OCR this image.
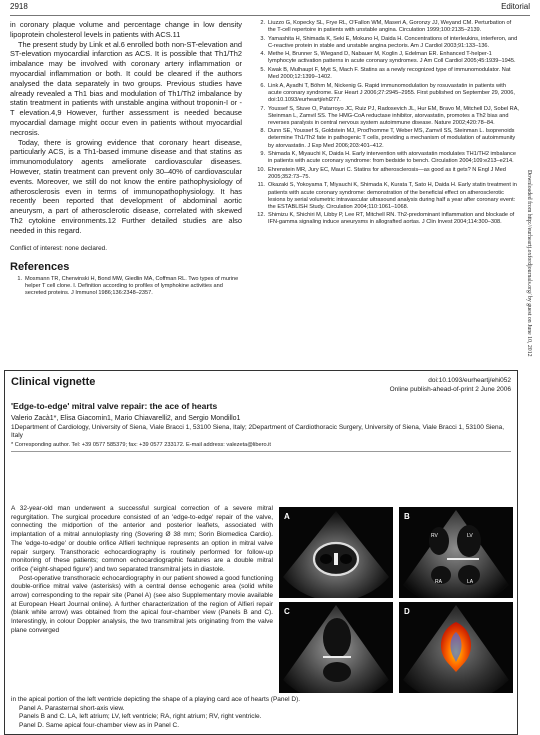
2918	Editorial

in coronary plaque volume and percentage change in low density lipoprotein cholesterol levels in patients with ACS.11

The present study by Link et al.6 enrolled both non-ST-elevation and ST-elevation myocardial infarction as ACS. It is possible that Th1/Th2 imbalance may be involved with coronary artery inflammation or myocardial inflammation or both. It could be cleared if the authors analysed the data separately in two groups. Previous studies have already revealed a Th1 bias and modulation of Th1/Th2 imbalance by statin treatment in patients with unstable angina without troponin-I or -T elevation.4,9 However, further assessment is needed because myocardial damage might occur even in patients without myocardial necrosis.

Today, there is growing evidence that coronary heart disease, particularly ACS, is a Th1-based immune disease and that statins as immunomodulatory agents ameliorate cardiovascular diseases. However, statin treatment can prevent only 30–40% of cardiovascular events. Moreover, we still do not know the entire pathophysiology of atherosclerosis even in terms of immunopathophysiology. It has recently been reported that development of abdominal aortic aneurysm, a part of atherosclerotic disease, correlated with skewed Th2 cytokine environments.12 Further detailed studies are also needed in this regard.

Conflict of interest: none declared.

References
1. Mosmann TR, Cherwinski H, Bond MW, Giedlin MA, Coffman RL. Two types of murine helper T cell clone. I. Definition according to profiles of lymphokine activities and secreted proteins. J Immunol 1986;136:2348–2357.
2. Liuzzo G, Kopecky SL, Frye RL, O'Fallon WM, Maseri A, Goronzy JJ, Weyand CM. Perturbation of the T-cell repertoire in patients with unstable angina. Circulation 1999;100:2135–2139.
3. Yamashita H, Shimada K, Seki E, Mokuno H, Daida H. Concentrations of interleukins, interferon, and C-reactive protein in stable and unstable angina pectoris. Am J Cardiol 2003;91:133–136.
4. Methe H, Brunner S, Wiegand D, Nabauer M, Koglin J, Edelman ER. Enhanced T-helper-1 lymphocyte activation patterns in acute coronary syndromes. J Am Coll Cardiol 2005;45:1939–1945.
5. Kwak B, Mulhaupt F, Myit S, Mach F. Statins as a newly recognized type of immunomodulator. Nat Med 2000;12:1399–1402.
6. Link A, Ayadhi T, Böhm M, Nickenig G. Rapid immunomodulation by rosuvastatin in patients with acute coronary syndrome. Eur Heart J 2006;27:2945–2955. First published on September 29, 2006, doi:10.1093/eurheartj/ehl277.
7. Youssef S, Stuve O, Patarroyo JC, Ruiz PJ, Radosevich JL, Hur EM, Bravo M, Mitchell DJ, Sobel RA, Steinman L, Zamvil SS. The HMG-CoA reductase inhibitor, atorvastatin, promotes a Th2 bias and reverses paralysis in central nervous system autoimmune disease. Nature 2002;420:78–84.
8. Dunn SE, Youssef S, Goldstein MJ, Prod'homme T, Weber MS, Zamvil SS, Steinman L. Isoprenoids determine Th1/Th2 fate in pathogenic T cells, providing a mechanism of modulation of autoimmunity by atorvastatin. J Exp Med 2006;203:401–412.
9. Shimada K, Miyauchi K, Daida H. Early intervention with atorvastatin modulates TH1/TH2 imbalance in patients with acute coronary syndrome: from bedside to bench. Circulation 2004;109:e213–e214.
10. Ehrenstein MR, Jury EC, Mauri C. Statins for atherosclerosis—as good as it gets? N Engl J Med 2005;352:73–75.
11. Okazaki S, Yokoyama T, Miyauchi K, Shimada K, Kurata T, Sato H, Daida H. Early statin treatment in patients with acute coronary syndrome: demonstration of the beneficial effect on atherosclerotic lesions by serial volumetric intravascular ultrasound analysis during half a year after coronary event: the ESTABLISH Study. Circulation 2004;110:1061–1068.
12. Shimizu K, Shichiri M, Libby P, Lee RT, Mitchell RN. Th2-predominant inflammation and blockade of IFN-gamma signaling induce aneurysms in allografted aortas. J Clin Invest 2004;114:300–308.	Downloaded from http://eurheartj.oxfordjournals.org/ by guest on June 10, 2012
Clinical vignette	doi:10.1093/eurheartj/ehi052
Online publish-ahead-of-print 2 June 2006
'Edge-to-edge' mitral valve repair: the ace of hearts
Valerio Zacà1*, Elisa Giacomin1, Mario Chiavarelli2, and Sergio Mondillo1
1Department of Cardiology, University of Siena, Viale Bracci 1, 53100 Siena, Italy; 2Department of Cardiothoracic Surgery, University of Siena, Viale Bracci 1, 53100 Siena, Italy
* Corresponding author. Tel: +39 0577 585379; fax: +39 0577 233172. E-mail address: valezeta@libero.it

A 32-year-old man underwent a successful surgical correction of a severe mitral regurgitation. The surgical procedure consisted of an 'edge-to-edge' repair of the valve, connecting the midportion of the anterior and posterior leaflets, associated with implantation of a mitral annuloplasty ring (Sovering Ø 38 mm; Sorin Biomedica Cardio). The 'edge-to-edge' or double orifice Alfieri technique represents an option in mitral valve repair surgery. Transthoracic echocardiography is routinely performed for follow-up monitoring of these patients; common echocardiographic features are a double mitral orifice ('eight-shaped figure') and two separated transmitral jets in diastole.

Post-operative transthoracic echocardiography in our patient showed a good functioning double-orifice mitral valve (asterisks) with a central dense echogenic area (solid white arrow) corresponding to the repair site (Panel A) (see also Supplementary movie available at European Heart Journal online). A further characterization of the region of Alfieri repair (blank white arrow) was obtained from the apical four-chamber view (Panels B and C). Interestingly, in colour Doppler analysis, the two transmitral jets originating from the valve plane converged

A	B
RV	LV
LA
RA
C	D

in the apical portion of the left ventricle depicting the shape of a playing card ace of hearts (Panel D).

Panel A. Parasternal short-axis view.

Panels B and C. LA, left atrium; LV, left ventricle; RA, right atrium; RV, right ventricle.

Panel D. Same apical four-chamber view as in Panel C.
